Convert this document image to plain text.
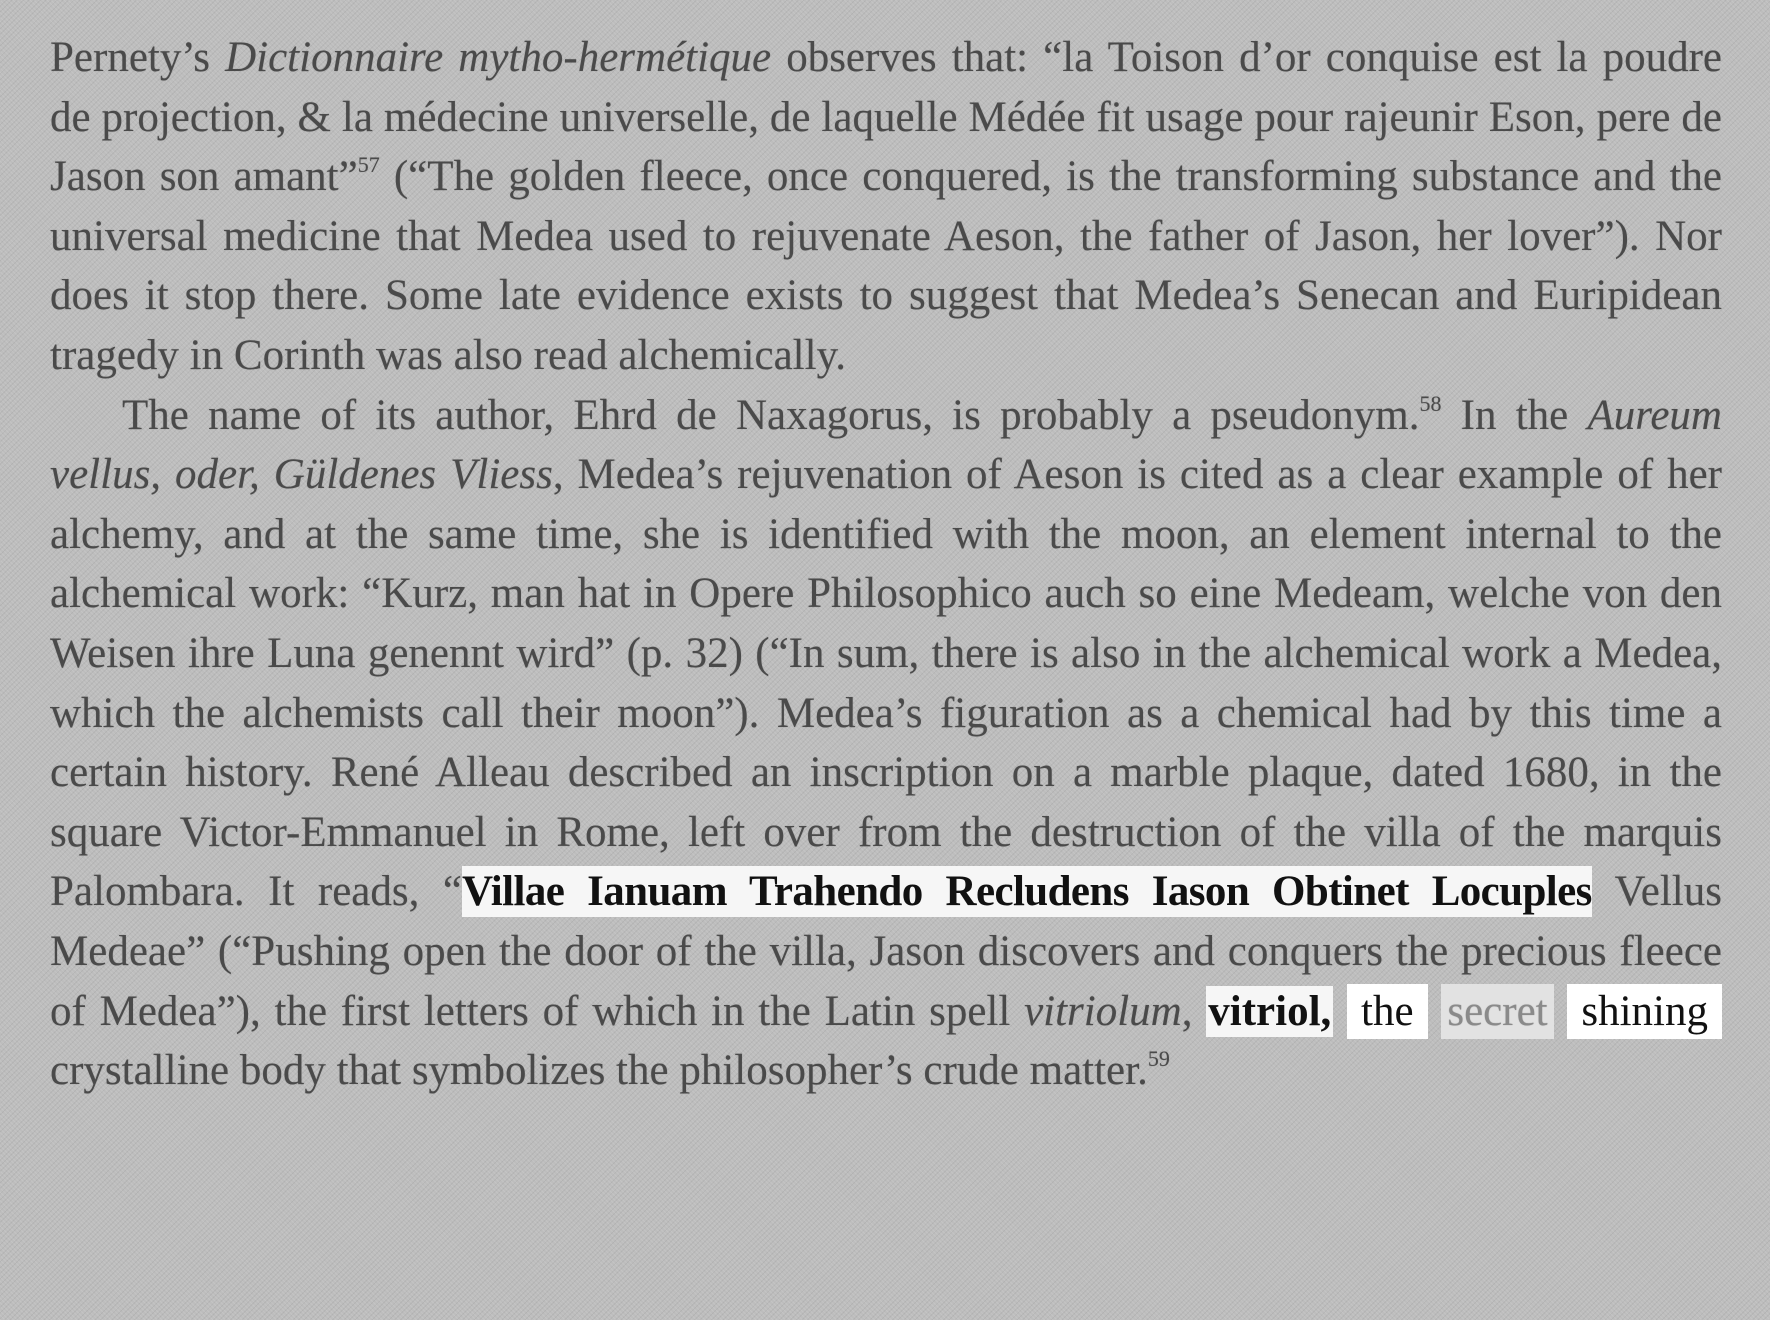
Pernety’s Dictionnaire mytho-hermétique observes that: “la Toison d’or conquise est la poudre de projection, & la médecine universelle, de laquelle Médée fit usage pour rajeunir Eson, pere de Jason son amant”$^{57}$ (“The golden fleece, once conquered, is the transforming substance and the universal medicine that Medea used to rejuvenate Aeson, the father of Jason, her lover”). Nor does it stop there. Some late evidence exists to suggest that Medea’s Senecan and Euripidean tragedy in Corinth was also read alchemically.

The name of its author, Ehrd de Naxagorus, is probably a pseudonym.$^{58}$ In the Aureum vellus, oder, Güldenes Vliess, Medea’s rejuvenation of Aeson is cited as a clear example of her alchemy, and at the same time, she is identified with the moon, an element internal to the alchemical work: “Kurz, man hat in Opere Philosophico auch so eine Medeam, welche von den Weisen ihre Luna genennt wird” (p. 32) (“In sum, there is also in the alchemical work a Medea, which the alchemists call their moon”). Medea’s figuration as a chemical had by this time a certain history. René Alleau described an inscription on a marble plaque, dated 1680, in the square Victor-Emmanuel in Rome, left over from the destruction of the villa of the marquis Palombara. It reads, “Villae Ianuam Trahendo Recludens Iason Obtinet Locuples Vellus Medeae” (“Pushing open the door of the villa, Jason discovers and conquers the precious fleece of Medea”), the first letters of which in the Latin spell vitriolum, vitriol, the secret shining crystalline body that symbolizes the philosopher’s crude matter.$^{59}$
